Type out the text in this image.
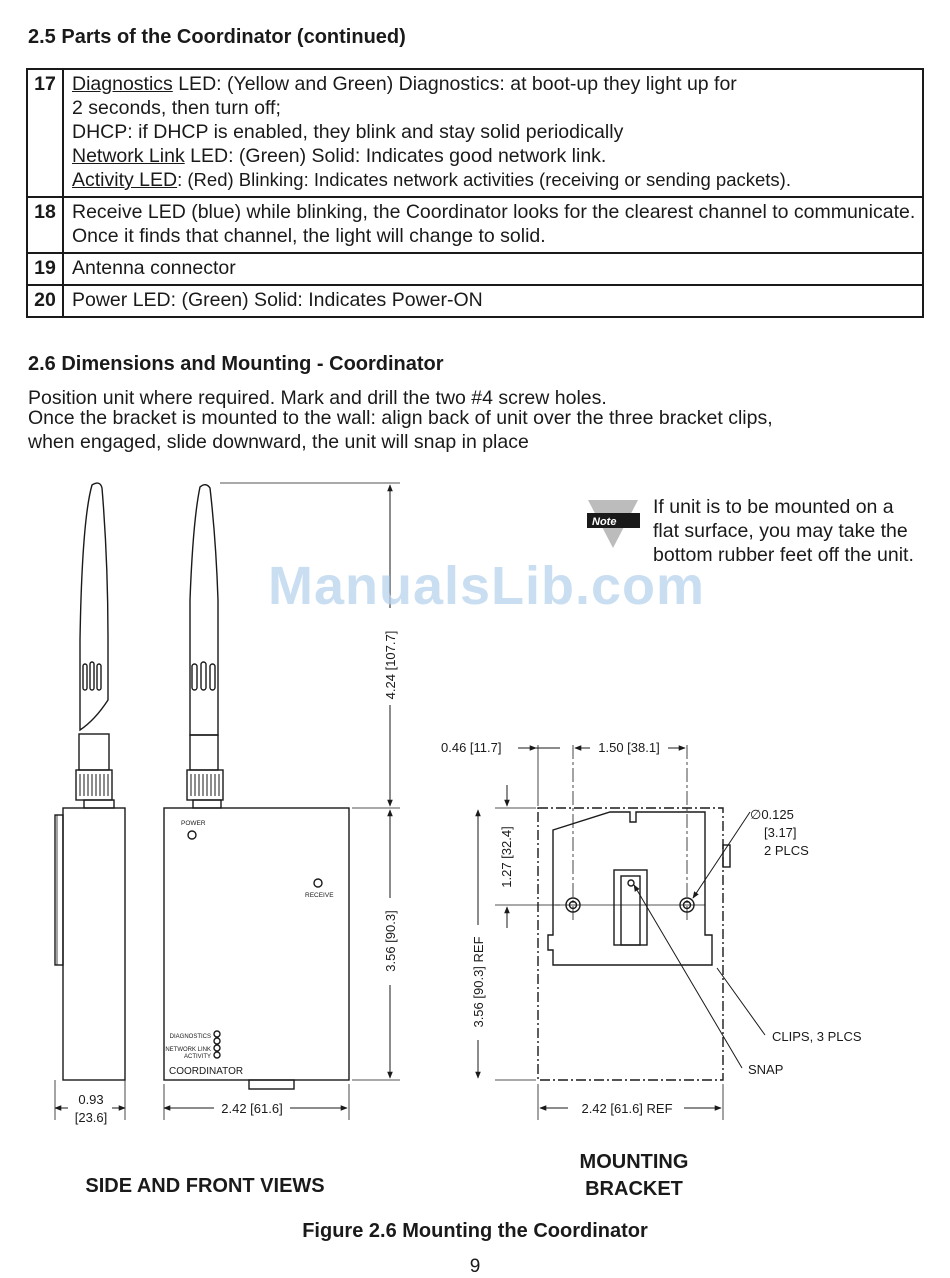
2.5 Parts of the Coordinator (continued)
17	Diagnostics LED: (Yellow and Green) Diagnostics: at boot-up they light up for
2 seconds, then turn off;
DHCP: if DHCP is enabled, they blink and stay solid periodically
Network Link LED: (Green) Solid: Indicates good network link.
Activity LED: (Red) Blinking: Indicates network activities (receiving or sending packets).
18	Receive LED (blue) while blinking, the Coordinator looks for the clearest channel to communicate. Once it finds that channel, the light will change to solid.
19	Antenna connector
20	Power LED: (Green) Solid: Indicates Power-ON
2.6 Dimensions and Mounting - Coordinator
Position unit where required. Mark and drill the two #4 screw holes.
Once the bracket is mounted to the wall: align back of unit over the three bracket clips,
when engaged, slide downward, the unit will snap in place
Note
4.24 [107.7]
3.56 [90.3]
0.93
[23.6]
2.42 [61.6]
POWER
RECEIVE
DIAGNOSTICS
NETWORK LINK
ACTIVITY
COORDINATOR
0.46 [11.7]	1.50 [38.1]
∅0.125
[3.17]
2 PLCS
1.27 [32.4]
3.56 [90.3] REF
2.42 [61.6] REF
CLIPS, 3 PLCS
SNAP
If unit is to be mounted on a flat surface, you may take the bottom rubber feet off the unit.
ManualsLib.com
SIDE AND FRONT VIEWS
MOUNTING
BRACKET
Figure 2.6 Mounting the Coordinator
9
